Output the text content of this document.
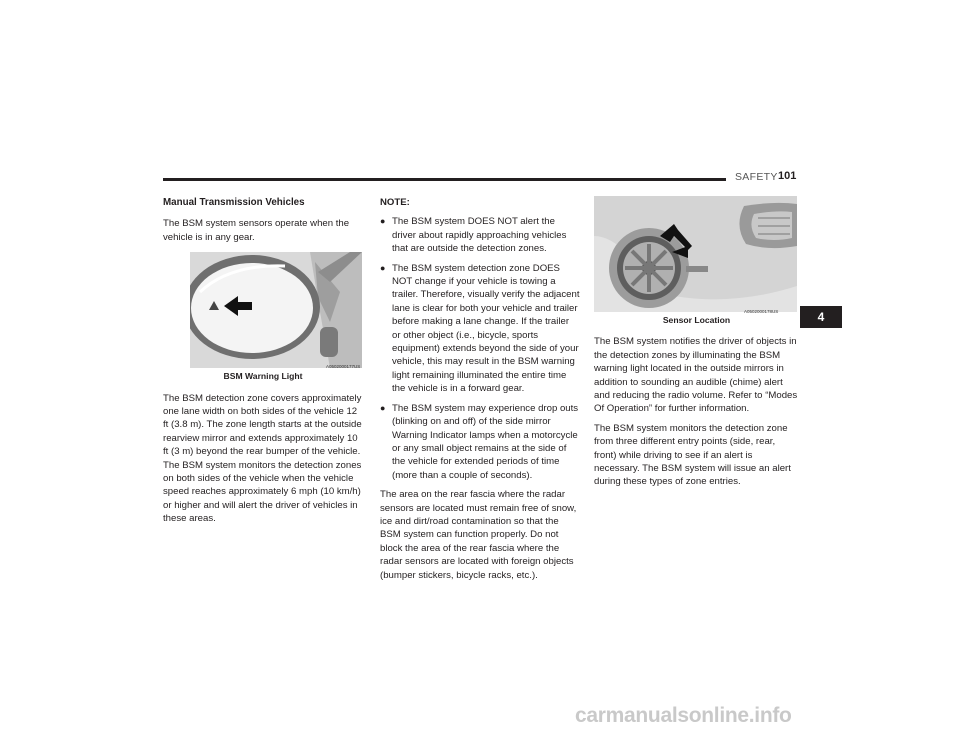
SAFETY 101
Manual Transmission Vehicles

The BSM system sensors operate when the vehicle is in any gear.

A0502000177US
BSM Warning Light

The BSM detection zone covers approximately one lane width on both sides of the vehicle 12 ft (3.8 m). The zone length starts at the outside rearview mirror and extends approximately 10 ft (3 m) beyond the rear bumper of the vehicle. The BSM system monitors the detection zones on both sides of the vehicle when the vehicle speed reaches approximately 6 mph (10 km/h) or higher and will alert the driver of vehicles in these areas.

NOTE:
● The BSM system DOES NOT alert the driver about rapidly approaching vehicles that are outside the detection zones.
● The BSM system detection zone DOES NOT change if your vehicle is towing a trailer. Therefore, visually verify the adjacent lane is clear for both your vehicle and trailer before making a lane change. If the trailer or other object (i.e., bicycle, sports equipment) extends beyond the side of your vehicle, this may result in the BSM warning light remaining illuminated the entire time the vehicle is in a forward gear.
● The BSM system may experience drop outs (blinking on and off) of the side mirror Warning Indicator lamps when a motorcycle or any small object remains at the side of the vehicle for extended periods of time (more than a couple of seconds).

The area on the rear fascia where the radar sensors are located must remain free of snow, ice and dirt/road contamination so that the BSM system can function properly. Do not block the area of the rear fascia where the radar sensors are located with foreign objects (bumper stickers, bicycle racks, etc.).

A0502000178US
Sensor Location

The BSM system notifies the driver of objects in the detection zones by illuminating the BSM warning light located in the outside mirrors in addition to sounding an audible (chime) alert and reducing the radio volume. Refer to “Modes Of Operation” for further information.

The BSM system monitors the detection zone from three different entry points (side, rear, front) while driving to see if an alert is necessary. The BSM system will issue an alert during these types of zone entries.

4
carmanualsonline.info
